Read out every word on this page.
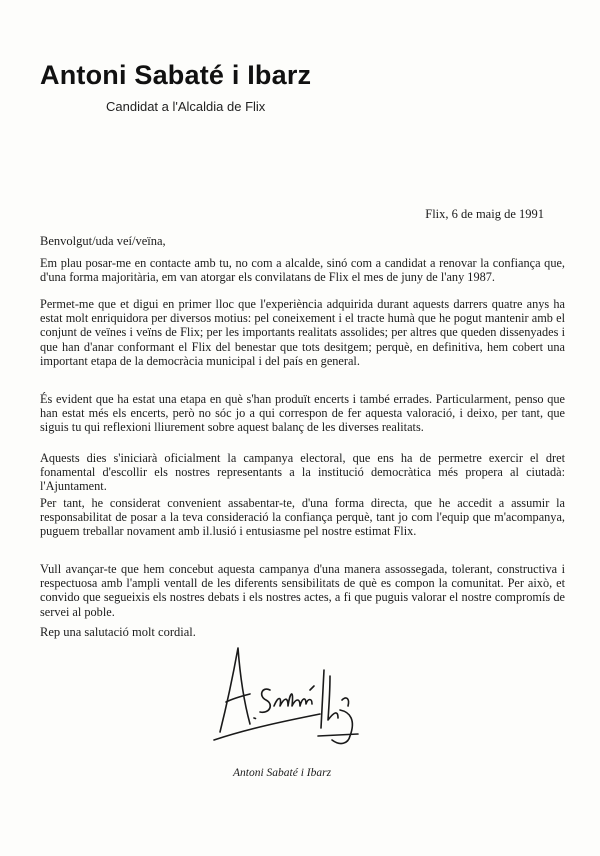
Antoni Sabaté i Ibarz
Candidat a l'Alcaldia de Flix
Flix, 6 de maig de 1991
Benvolgut/uda veí/veïna,

Em plau posar-me en contacte amb tu, no com a alcalde, sinó com a candidat a renovar la confiança que, d'una forma majoritària, em van atorgar els convilatans de Flix el mes de juny de l'any 1987.

Permet-me que et digui en primer lloc que l'experiència adquirida durant aquests darrers quatre anys ha estat molt enriquidora per diversos motius: pel coneixement i el tracte humà que he pogut mantenir amb el conjunt de veïnes i veïns de Flix; per les importants realitats assolides; per altres que queden dissenyades i que han d'anar conformant el Flix del benestar que tots desitgem; perquè, en definitiva, hem cobert una important etapa de la democràcia municipal i del país en general.

És evident que ha estat una etapa en què s'han produït encerts i també errades. Particularment, penso que han estat més els encerts, però no sóc jo a qui correspon de fer aquesta valoració, i deixo, per tant, que siguis tu qui reflexioni lliurement sobre aquest balanç de les diverses realitats.

Aquests dies s'iniciarà oficialment la campanya electoral, que ens ha de permetre exercir el dret fonamental d'escollir els nostres representants a la institució democràtica més propera al ciutadà: l'Ajuntament.

Per tant, he considerat convenient assabentar-te, d'una forma directa, que he accedit a assumir la responsabilitat de posar a la teva consideració la confiança perquè, tant jo com l'equip que m'acompanya, puguem treballar novament amb il.lusió i entusiasme pel nostre estimat Flix.

Vull avançar-te que hem concebut aquesta campanya d'una manera assossegada, tolerant, constructiva i respectuosa amb l'ampli ventall de les diferents sensibilitats de què es compon la comunitat. Per això, et convido que segueixis els nostres debats i els nostres actes, a fi que puguis valorar el nostre compromís de servei al poble.

Rep una salutació molt cordial.
Antoni Sabaté i Ibarz
